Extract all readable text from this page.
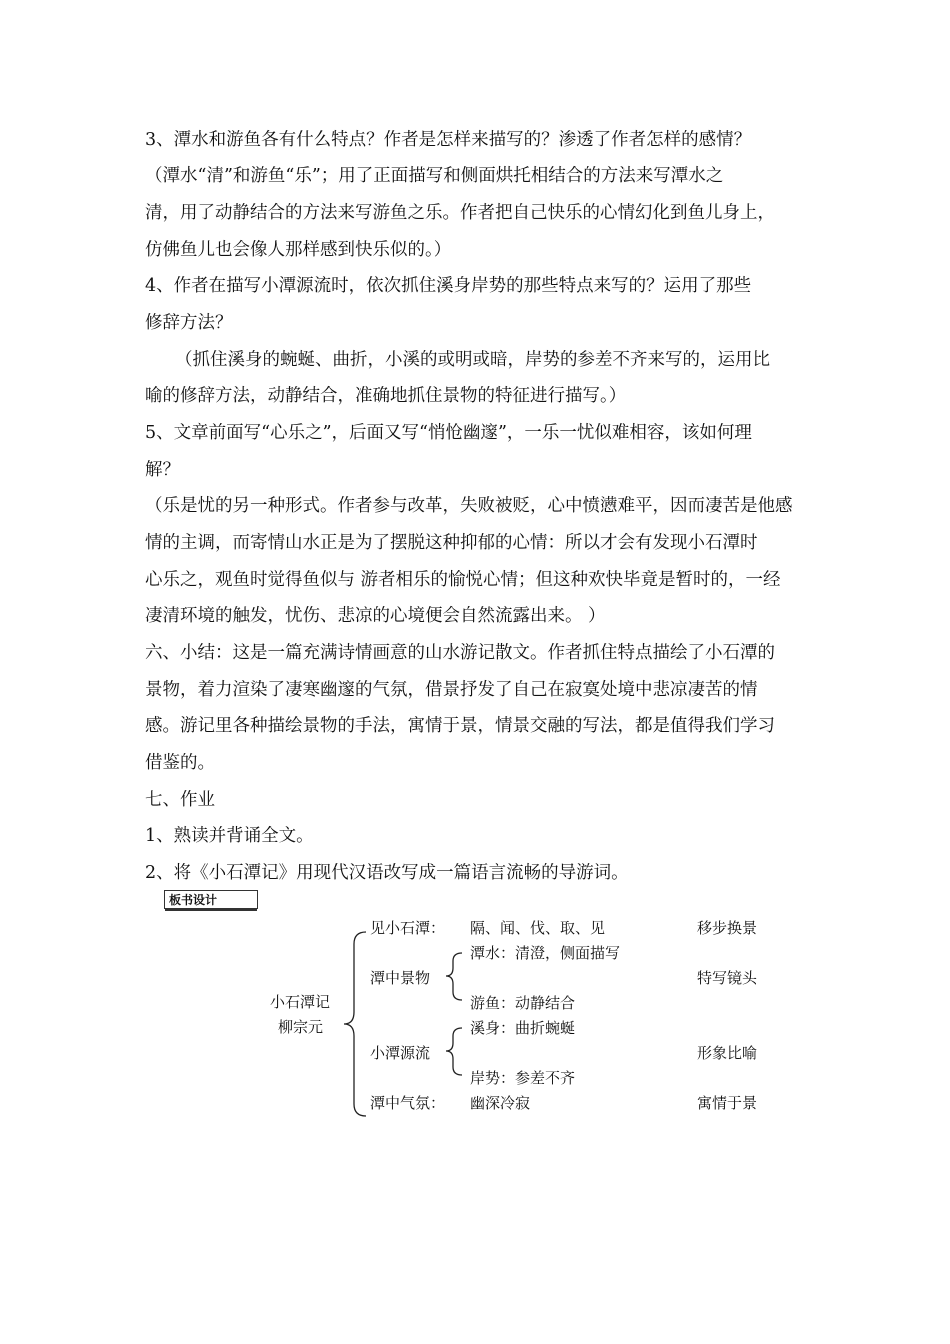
3、潭水和游鱼各有什么特点？作者是怎样来描写的？渗透了作者怎样的感情？
（潭水“清”和游鱼“乐”；用了正面描写和侧面烘托相结合的方法来写潭水之
清，用了动静结合的方法来写游鱼之乐。作者把自己快乐的心情幻化到鱼儿身上，
仿佛鱼儿也会像人那样感到快乐似的。）
4、作者在描写小潭源流时，依次抓住溪身岸势的那些特点来写的？运用了那些
修辞方法？
（抓住溪身的蜿蜒、曲折，小溪的或明或暗，岸势的参差不齐来写的，运用比
喻的修辞方法，动静结合，准确地抓住景物的特征进行描写。）
5、文章前面写“心乐之”，后面又写“悄怆幽邃”，一乐一忧似难相容，该如何理
解？
（乐是忧的另一种形式。作者参与改革，失败被贬，心中愤懑难平，因而凄苦是他感
情的主调，而寄情山水正是为了摆脱这种抑郁的心情：所以才会有发现小石潭时
心乐之，观鱼时觉得鱼似与 游者相乐的愉悦心情；但这种欢快毕竟是暂时的，一经
凄清环境的触发，忧伤、悲凉的心境便会自然流露出来。 ）
六、小结：这是一篇充满诗情画意的山水游记散文。作者抓住特点描绘了小石潭的
景物，着力渲染了凄寒幽邃的气氛，借景抒发了自己在寂寞处境中悲凉凄苦的情
感。游记里各种描绘景物的手法，寓情于景，情景交融的写法，都是值得我们学习
借鉴的。
七、作业
1、熟读并背诵全文。
2、将《小石潭记》用现代汉语改写成一篇语言流畅的导游词。
板书设计
小石潭记
柳宗元
见小石潭： 隔、闻、伐、取、见	移步换景
潭中景物
潭水：清澄，侧面描写
游鱼：动静结合
特写镜头
小潭源流
溪身：曲折蜿蜒
岸势：参差不齐
形象比喻
潭中气氛： 幽深冷寂	寓情于景
